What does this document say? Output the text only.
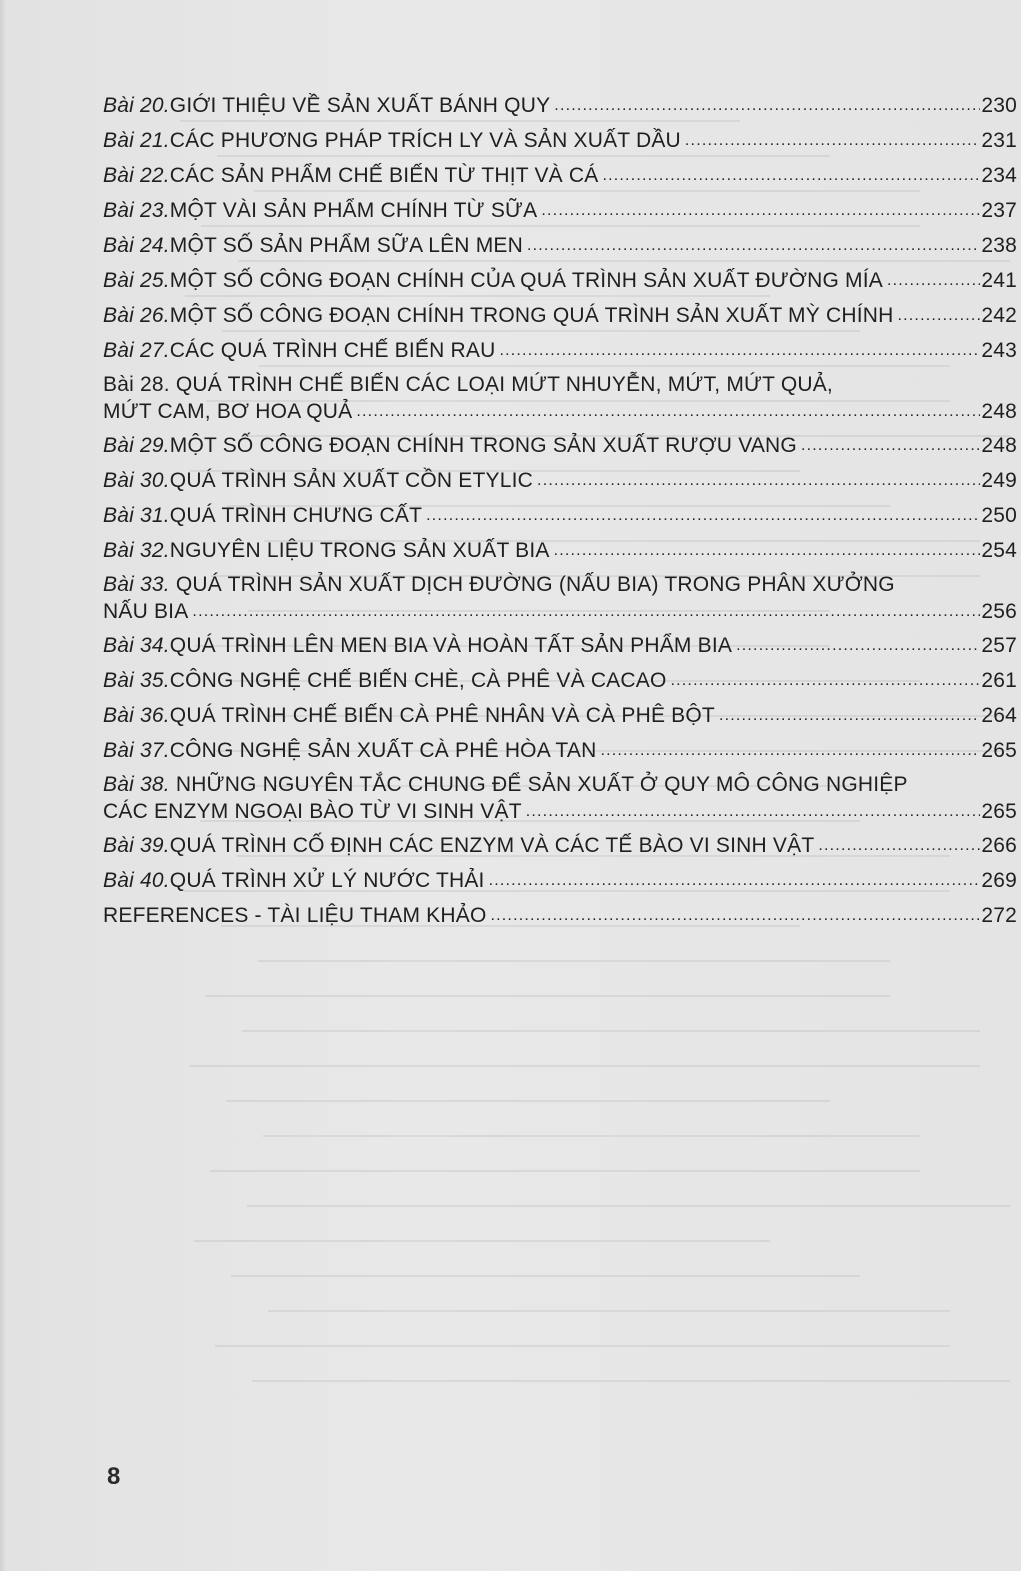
Bài 20. GIỚI THIỆU VỀ SẢN XUẤT BÁNH QUY .....	230
Bài 21. CÁC PHƯƠNG PHÁP TRÍCH LY VÀ SẢN XUẤT DẦU .....	231
Bài 22. CÁC SẢN PHẨM CHẾ BIẾN TỪ THỊT VÀ CÁ .....	234
Bài 23. MỘT VÀI SẢN PHẨM CHÍNH TỪ SỮA .....	237
Bài 24. MỘT SỐ SẢN PHẨM SỮA LÊN MEN .....	238
Bài 25. MỘT SỐ CÔNG ĐOẠN CHÍNH CỦA QUÁ TRÌNH SẢN XUẤT ĐƯỜNG MÍA .....	241
Bài 26. MỘT SỐ CÔNG ĐOẠN CHÍNH TRONG QUÁ TRÌNH SẢN XUẤT MỲ CHÍNH .....	242
Bài 27. CÁC QUÁ TRÌNH CHẾ BIẾN RAU .....	243
Bài 28. QUÁ TRÌNH CHẾ BIẾN CÁC LOẠI MỨT NHUYỄN, MỨT, MỨT QUẢ,
MỨT CAM, BƠ HOA QUẢ .....	248
Bài 29. MỘT SỐ CÔNG ĐOẠN CHÍNH TRONG SẢN XUẤT RƯỢU VANG .....	248
Bài 30. QUÁ TRÌNH SẢN XUẤT CỒN ETYLIC .....	249
Bài 31. QUÁ TRÌNH CHƯNG CẤT .....	250
Bài 32. NGUYÊN LIỆU TRONG SẢN XUẤT BIA .....	254
Bài 33. QUÁ TRÌNH SẢN XUẤT DỊCH ĐƯỜNG (NẤU BIA) TRONG PHÂN XƯỞNG
NẤU BIA .....	256
Bài 34. QUÁ TRÌNH LÊN MEN BIA VÀ HOÀN TẤT SẢN PHẨM BIA .....	257
Bài 35. CÔNG NGHỆ CHẾ BIẾN CHÈ, CÀ PHÊ VÀ CACAO .....	261
Bài 36. QUÁ TRÌNH CHẾ BIẾN CÀ PHÊ NHÂN VÀ CÀ PHÊ BỘT .....	264
Bài 37. CÔNG NGHỆ SẢN XUẤT CÀ PHÊ HÒA TAN .....	265
Bài 38. NHỮNG NGUYÊN TẮC CHUNG ĐỂ SẢN XUẤT Ở QUY MÔ CÔNG NGHIỆP
CÁC ENZYM NGOẠI BÀO TỪ VI SINH VẬT .....	265
Bài 39. QUÁ TRÌNH CỐ ĐỊNH CÁC ENZYM VÀ CÁC TẾ BÀO VI SINH VẬT .....	266
Bài 40. QUÁ TRÌNH XỬ LÝ NƯỚC THẢI .....	269
REFERENCES - TÀI LIỆU THAM KHẢO .....	272
8
